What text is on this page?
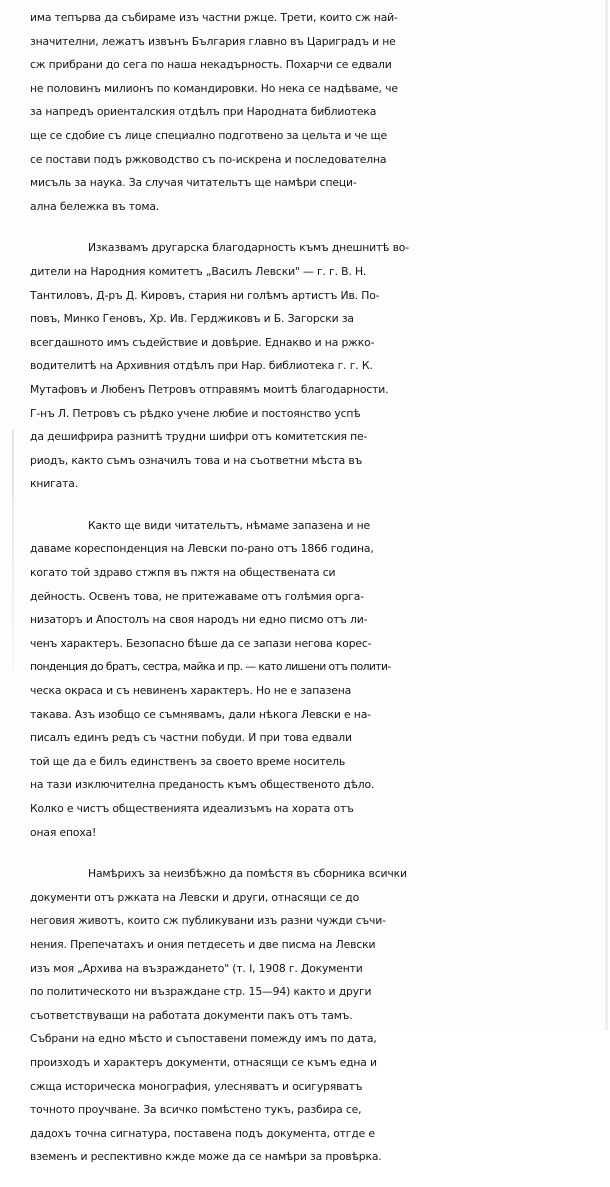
има тепърва да събираме изъ частни ржце. Трети, които сж най-
значителни, лежатъ извънъ България главно въ Цариградъ и не
сж прибрани до сега по наша некадърность. Похарчи се едвали
не половинъ милионъ по командировки. Но нека се надѣваме, че
за напредъ ориенталския отдѣлъ при Народната библиотека
ще се сдобие съ лице специално подготвено за цельта и че ще
се постави подъ ржководство съ по-искрена и последователна
мисъль за наука. За случая читательтъ ще намѣри специ-
ална бележка въ тома.
Изказвамъ другарска благодарность къмъ днешнитѣ во-
дители на Народния комитетъ „Василъ Левски" — г. г. В. Н.
Тантиловъ, Д-ръ Д. Кировъ, стария ни голѣмъ артистъ Ив. По-
повъ, Минко Геновъ, Хр. Ив. Герджиковъ и Б. Загорски за
всегдашното имъ съдействие и довѣрие. Еднакво и на ржко-
водителитѣ на Архивния отдѣлъ при Нар. библиотека г. г. К.
Мутафовъ и Любенъ Петровъ отправямъ моитѣ благодарности.
Г-нъ Л. Петровъ съ рѣдко учене любие и постоянство успѣ
да дешифрира разнитѣ трудни шифри отъ комитетския пе-
риодъ, както съмъ означилъ това и на съответни мѣста въ
книгата.
Както ще види читательтъ, нѣмаме запазена и не
даваме кореспонденция на Левски по-рано отъ 1866 година,
когато той здраво стжпя въ пжтя на обществената си
дейность. Освенъ това, не притежаваме отъ голѣмия орга-
низаторъ и Апостолъ на своя народъ ни едно писмо отъ ли-
ченъ характеръ. Безопасно бѣше да се запази негова корес-
понденция до братъ, сестра, майка и пр. — като лишени отъ полити-
ческа окраса и съ невиненъ характеръ. Но не е запазена
такава. Азъ изобщо се съмнявамъ, дали нѣкога Левски е на-
писалъ единъ редъ съ частни побуди. И при това едвали
той ще да е билъ единственъ за своето време носитель
на тази изключителна преданость къмъ общественото дѣло.
Колко е чистъ общественията идеализъмъ на хората отъ
оная епоха!
Намѣрихъ за неизбѣжно да помѣстя въ сборника всички
документи отъ ржката на Левски и други, отнасящи се до
неговия животъ, които сж публикувани изъ разни чужди съчи-
нения. Препечатахъ и ония петдесеть и две писма на Левски
изъ моя „Архива на възраждането" (т. I, 1908 г. Документи
по политическото ни възраждане стр. 15—94) както и други
съответствуващи на работата документи пакъ отъ тамъ.
Събрани на едно мѣсто и съпоставени помежду имъ по дата,
произходъ и характеръ документи, отнасящи се къмъ една и
сжща историческа монография, улесняватъ и осигуряватъ
точното проучване. За всичко помѣстено тукъ, разбира се,
дадохъ точна сигнатура, поставена подъ документа, отгде е
вземенъ и респективно кжде може да се намѣри за провѣрка.
